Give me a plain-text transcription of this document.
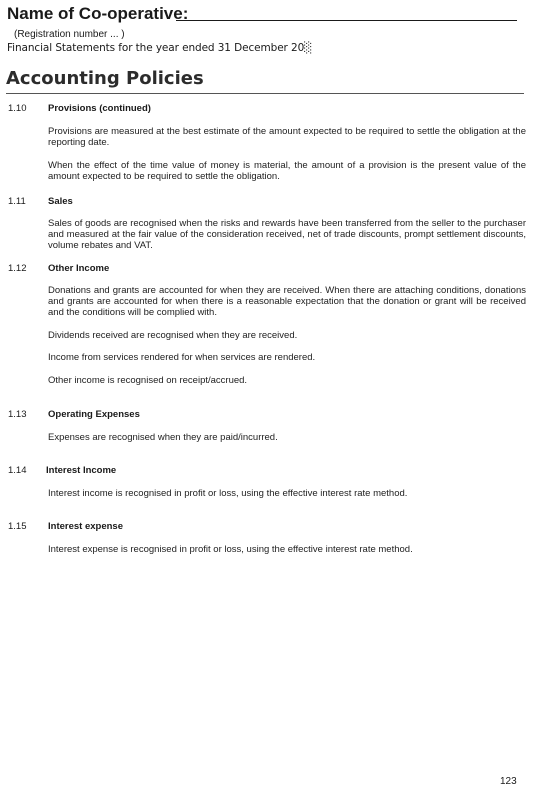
Name of Co-operative:
(Registration number ... )
Financial Statements for the year ended 31 December 20░
Accounting Policies
1.10 Provisions (continued)
Provisions are measured at the best estimate of the amount expected to be required to settle the obligation at the reporting date.
When the effect of the time value of money is material, the amount of a provision is the present value of the amount expected to be required to settle the obligation.
1.11 Sales
Sales of goods are recognised when the risks and rewards have been transferred from the seller to the purchaser and measured at the fair value of the consideration received, net of trade discounts, prompt settlement discounts, volume rebates and VAT.
1.12 Other Income
Donations and grants are accounted for when they are received. When there are attaching conditions, donations and grants are accounted for when there is a reasonable expectation that the donation or grant will be received and the conditions will be complied with.
Dividends received are recognised when they are received.
Income from services rendered for when services are rendered.
Other income is recognised on receipt/accrued.
1.13 Operating Expenses
Expenses are recognised when they are paid/incurred.
1.14 Interest Income
Interest income is recognised in profit or loss, using the effective interest rate method.
1.15 Interest expense
Interest expense is recognised in profit or loss, using the effective interest rate method.
123
